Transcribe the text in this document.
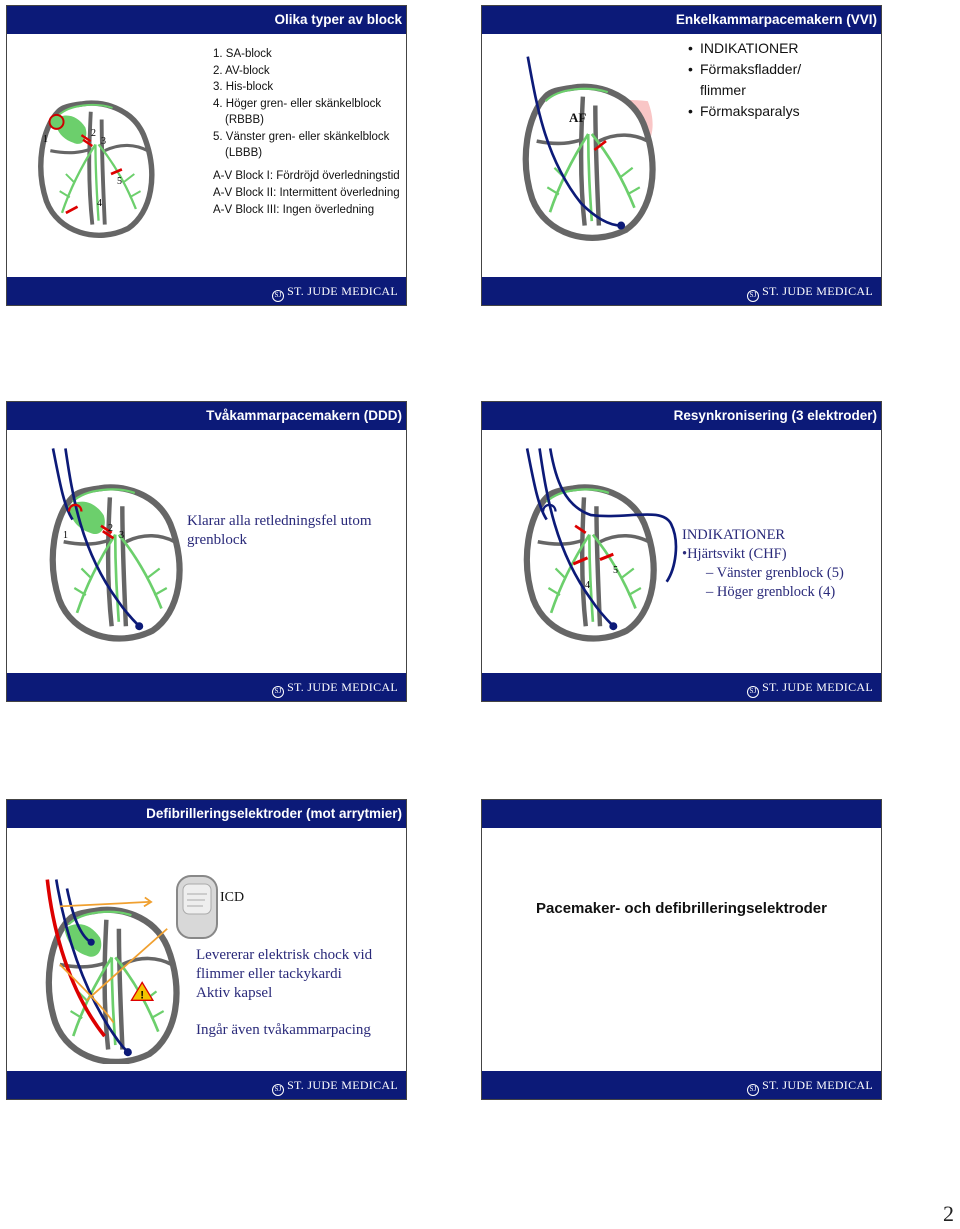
Olika typer av block
1
2
3
4
5
1. SA-block
2. AV-block
3. His-block
4. Höger gren- eller skänkelblock
(RBBB)
5. Vänster gren- eller skänkelblock
(LBBB)
A-V Block I: Fördröjd överledningstid
A-V Block II: Intermittent överledning
A-V Block III: Ingen överledning
SJ ST. JUDE MEDICAL
Enkelkammarpacemakern (VVI)
AF
• INDIKATIONER
• Förmaksfladder/ flimmer
• Förmaksparalys
SJ ST. JUDE MEDICAL
Tvåkammarpacemakern (DDD)
1
2
3
Klarar alla retledningsfel utom grenblock
SJ ST. JUDE MEDICAL
Resynkronisering (3 elektroder)
4
5
INDIKATIONER
•Hjärtsvikt (CHF)
– Vänster grenblock (5)
– Höger grenblock (4)
SJ ST. JUDE MEDICAL
Defibrilleringselektroder (mot arrytmier)
!
ICD
Levererar elektrisk chock vid
flimmer eller tackykardi
Aktiv kapsel
Ingår även tvåkammarpacing
SJ ST. JUDE MEDICAL
Pacemaker- och defibrilleringselektroder
SJ ST. JUDE MEDICAL
2
